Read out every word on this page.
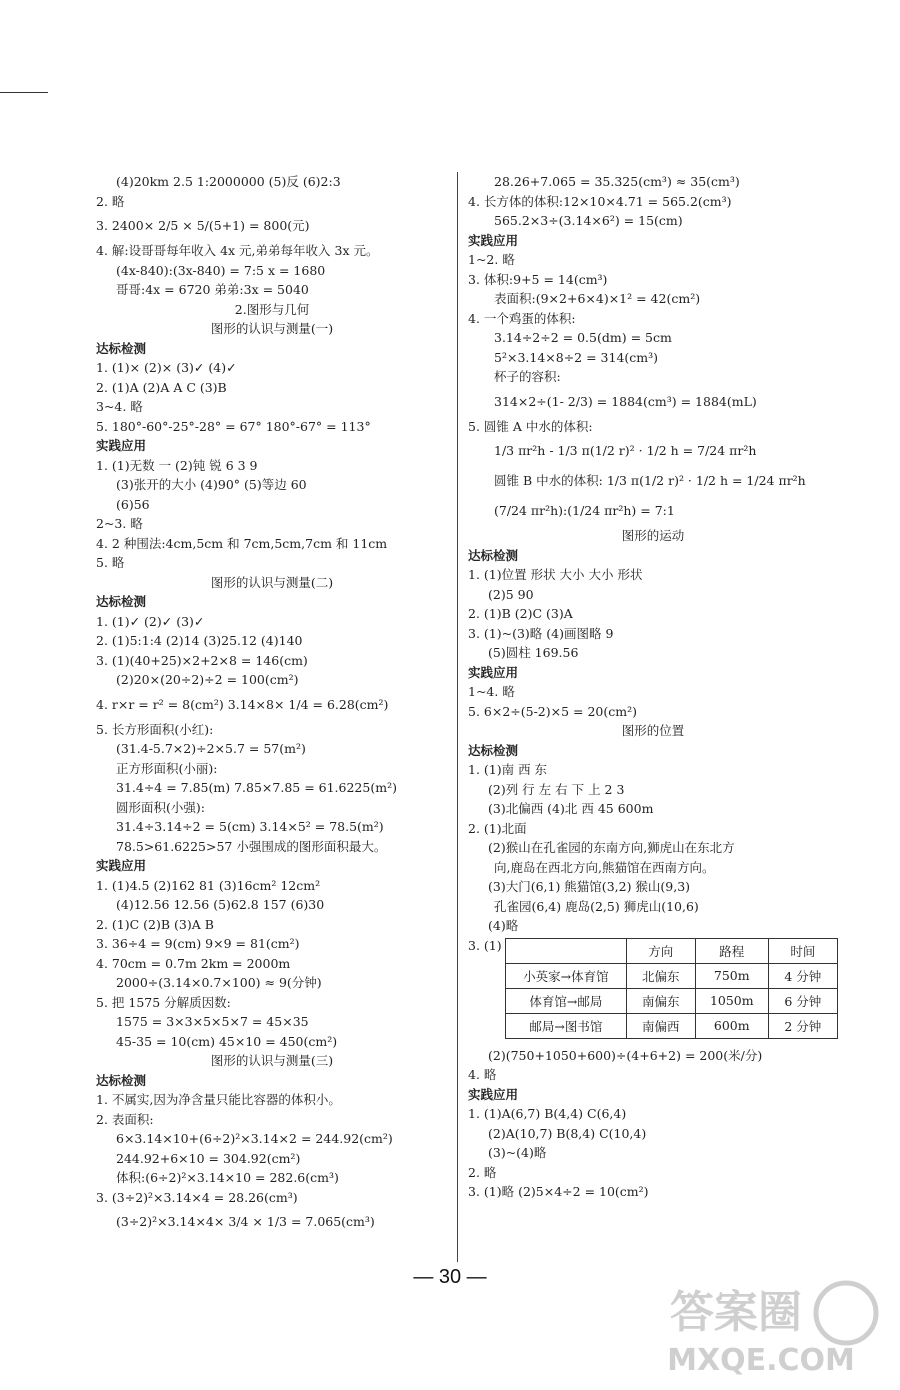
(4)20km 2.5 1:2000000 (5)反 (6)2:3
2. 略
3. 2400× 2/5 × 5/(5+1) = 800(元)
4. 解:设哥哥每年收入 4x 元,弟弟每年收入 3x 元。
(4x-840):(3x-840) = 7:5 x = 1680
哥哥:4x = 6720 弟弟:3x = 5040
2.图形与几何
图形的认识与测量(一)
达标检测
1. (1)× (2)× (3)✓ (4)✓
2. (1)A (2)A A C (3)B
3~4. 略
5. 180°-60°-25°-28° = 67° 180°-67° = 113°
实践应用
1. (1)无数 一 (2)钝 锐 6 3 9
(3)张开的大小 (4)90° (5)等边 60
(6)56
2~3. 略
4. 2 种围法:4cm,5cm 和 7cm,5cm,7cm 和 11cm
5. 略
图形的认识与测量(二)
达标检测
1. (1)✓ (2)✓ (3)✓
2. (1)5:1:4 (2)14 (3)25.12 (4)140
3. (1)(40+25)×2+2×8 = 146(cm)
(2)20×(20÷2)÷2 = 100(cm²)
4. r×r = r² = 8(cm²) 3.14×8× 1/4 = 6.28(cm²)
5. 长方形面积(小红):
(31.4-5.7×2)÷2×5.7 = 57(m²)
正方形面积(小丽):
31.4÷4 = 7.85(m) 7.85×7.85 = 61.6225(m²)
圆形面积(小强):
31.4÷3.14÷2 = 5(cm) 3.14×5² = 78.5(m²)
78.5>61.6225>57 小强围成的图形面积最大。
实践应用
1. (1)4.5 (2)162 81 (3)16cm² 12cm²
(4)12.56 12.56 (5)62.8 157 (6)30
2. (1)C (2)B (3)A B
3. 36÷4 = 9(cm) 9×9 = 81(cm²)
4. 70cm = 0.7m 2km = 2000m
2000÷(3.14×0.7×100) ≈ 9(分钟)
5. 把 1575 分解质因数:
1575 = 3×3×5×5×7 = 45×35
45-35 = 10(cm) 45×10 = 450(cm²)
图形的认识与测量(三)
达标检测
1. 不属实,因为净含量只能比容器的体积小。
2. 表面积:
6×3.14×10+(6÷2)²×3.14×2 = 244.92(cm²)
244.92+6×10 = 304.92(cm²)
体积:(6÷2)²×3.14×10 = 282.6(cm³)
3. (3÷2)²×3.14×4 = 28.26(cm³)
(3÷2)²×3.14×4× 3/4 × 1/3 = 7.065(cm³)
28.26+7.065 = 35.325(cm³) ≈ 35(cm³)
4. 长方体的体积:12×10×4.71 = 565.2(cm³)
565.2×3÷(3.14×6²) = 15(cm)
实践应用
1~2. 略
3. 体积:9+5 = 14(cm³)
表面积:(9×2+6×4)×1² = 42(cm²)
4. 一个鸡蛋的体积:
3.14÷2÷2 = 0.5(dm) = 5cm
5²×3.14×8÷2 = 314(cm³)
杯子的容积:
314×2÷(1- 2/3) = 1884(cm³) = 1884(mL)
5. 圆锥 A 中水的体积:
1/3 πr²h - 1/3 π(1/2 r)² · 1/2 h = 7/24 πr²h
圆锥 B 中水的体积: 1/3 π(1/2 r)² · 1/2 h = 1/24 πr²h
(7/24 πr²h):(1/24 πr²h) = 7:1
图形的运动
达标检测
1. (1)位置 形状 大小 大小 形状
(2)5 90
2. (1)B (2)C (3)A
3. (1)~(3)略 (4)画图略 9
(5)圆柱 169.56
实践应用
1~4. 略
5. 6×2÷(5-2)×5 = 20(cm²)
图形的位置
达标检测
1. (1)南 西 东
(2)列 行 左 右 下 上 2 3
(3)北偏西 (4)北 西 45 600m
2. (1)北面
(2)猴山在孔雀园的东南方向,狮虎山在东北方
向,鹿岛在西北方向,熊猫馆在西南方向。
(3)大门(6,1) 熊猫馆(3,2) 猴山(9,3)
孔雀园(6,4) 鹿岛(2,5) 狮虎山(10,6)
(4)略
3. (1)
		方向	路程	时间
小英家→体育馆	北偏东	750m	4 分钟
体育馆→邮局	南偏东	1050m	6 分钟
邮局→图书馆	南偏西	600m	2 分钟
(2)(750+1050+600)÷(4+6+2) = 200(米/分)
4. 略
实践应用
1. (1)A(6,7) B(4,4) C(6,4)
(2)A(10,7) B(8,4) C(10,4)
(3)~(4)略
2. 略
3. (1)略 (2)5×4÷2 = 10(cm²)
— 30 —
答案圈
MXQE.COM
